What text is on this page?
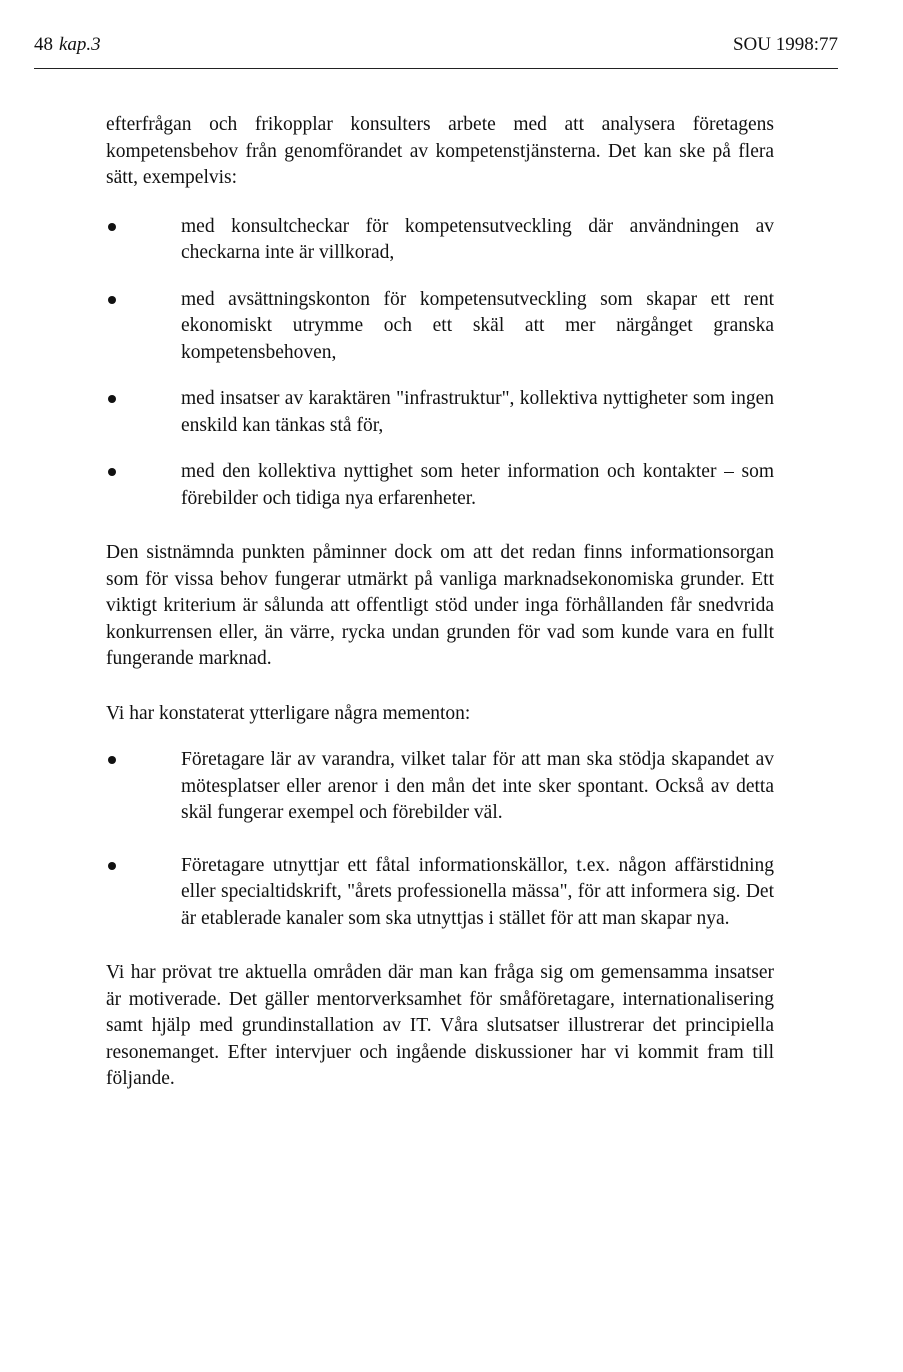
48 kap.3	SOU 1998:77

efterfrågan och frikopplar konsulters arbete med att analysera företagens kompetensbehov från genomförandet av kompetenstjänsterna. Det kan ske på flera sätt, exempelvis:

med konsultcheckar för kompetensutveckling där användningen av checkarna inte är villkorad,
med avsättningskonton för kompetensutveckling som skapar ett rent ekonomiskt utrymme och ett skäl att mer närgånget granska kompetensbehoven,
med insatser av karaktären "infrastruktur", kollektiva nyttigheter som ingen enskild kan tänkas stå för,
med den kollektiva nyttighet som heter information och kontakter – som förebilder och tidiga nya erfarenheter.

Den sistnämnda punkten påminner dock om att det redan finns informationsorgan som för vissa behov fungerar utmärkt på vanliga marknadsekonomiska grunder. Ett viktigt kriterium är sålunda att offentligt stöd under inga förhållanden får snedvrida konkurrensen eller, än värre, rycka undan grunden för vad som kunde vara en fullt fungerande marknad.

Vi har konstaterat ytterligare några mementon:

Företagare lär av varandra, vilket talar för att man ska stödja skapandet av mötesplatser eller arenor i den mån det inte sker spontant. Också av detta skäl fungerar exempel och förebilder väl.
Företagare utnyttjar ett fåtal informationskällor, t.ex. någon affärstidning eller specialtidskrift, "årets professionella mässa", för att informera sig. Det är etablerade kanaler som ska utnyttjas i stället för att man skapar nya.

Vi har prövat tre aktuella områden där man kan fråga sig om gemensamma insatser är motiverade. Det gäller mentorverksamhet för småföretagare, internationalisering samt hjälp med grundinstallation av IT. Våra slutsatser illustrerar det principiella resonemanget. Efter intervjuer och ingående diskussioner har vi kommit fram till följande.
